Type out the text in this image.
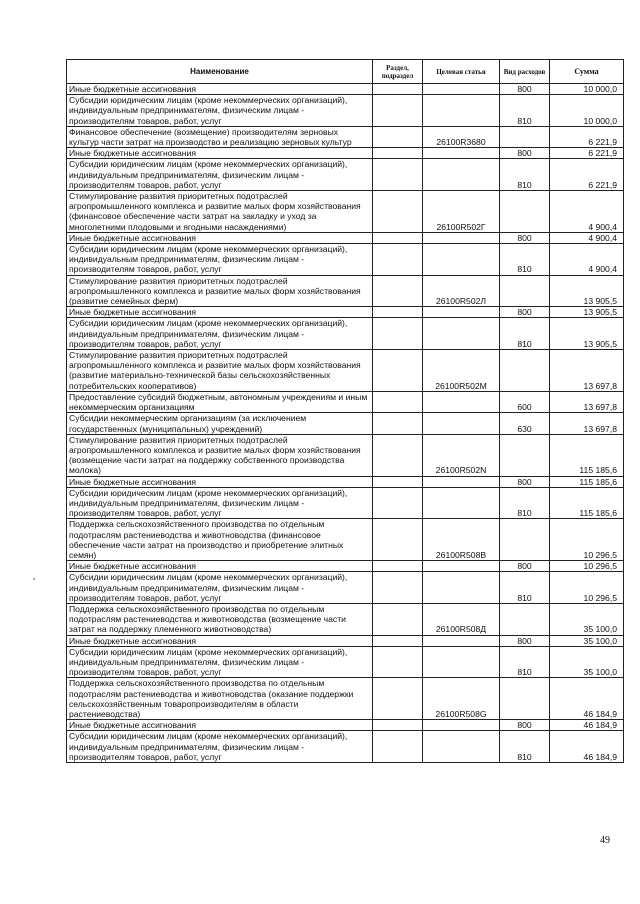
Наименование	Раздел, подраздел	Целевая статья	Вид расходов	Сумма
Иные бюджетные ассигнования			800	10 000,0
Субсидии юридическим лицам (кроме некоммерческих организаций), индивидуальным предпринимателям, физическим лицам - производителям товаров, работ, услуг			810	10 000,0
Финансовое обеспечение (возмещение) производителям зерновых культур части затрат на производство и реализацию зерновых культур		26100R3680		6 221,9
Иные бюджетные ассигнования			800	6 221,9
Субсидии юридическим лицам (кроме некоммерческих организаций), индивидуальным предпринимателям, физическим лицам - производителям товаров, работ, услуг			810	6 221,9
Стимулирование развития приоритетных подотраслей агропромышленного комплекса и развитие малых форм хозяйствования (финансовое обеспечение части затрат на закладку и уход за многолетними плодовыми и ягодными насаждениями)		26100R502Г		4 900,4
Иные бюджетные ассигнования			800	4 900,4
Субсидии юридическим лицам (кроме некоммерческих организаций), индивидуальным предпринимателям, физическим лицам - производителям товаров, работ, услуг			810	4 900,4
Стимулирование развития приоритетных подотраслей агропромышленного комплекса и развитие малых форм хозяйствования (развитие семейных ферм)		26100R502Л		13 905,5
Иные бюджетные ассигнования			800	13 905,5
Субсидии юридическим лицам (кроме некоммерческих организаций), индивидуальным предпринимателям, физическим лицам - производителям товаров, работ, услуг			810	13 905,5
Стимулирование развития приоритетных подотраслей агропромышленного комплекса и развитие малых форм хозяйствования (развитие материально-технической базы сельскохозяйственных потребительских кооперативов)		26100R502М		13 697,8
Предоставление субсидий бюджетным, автономным учреждениям и иным некоммерческим организациям			600	13 697,8
Субсидии некоммерческим организациям (за исключением государственных (муниципальных) учреждений)			630	13 697,8
Стимулирование развития приоритетных подотраслей агропромышленного комплекса и развитие малых форм хозяйствования (возмещение части затрат на поддержку собственного производства молока)		26100R502N		115 185,6
Иные бюджетные ассигнования			800	115 185,6
Субсидии юридическим лицам (кроме некоммерческих организаций), индивидуальным предпринимателям, физическим лицам - производителям товаров, работ, услуг			810	115 185,6
Поддержка сельскохозяйственного производства по отдельным подотраслям растениеводства и животноводства (финансовое обеспечение части затрат на производство и приобретение элитных семян)		26100R508B		10 296,5
Иные бюджетные ассигнования			800	10 296,5
Субсидии юридическим лицам (кроме некоммерческих организаций), индивидуальным предпринимателям, физическим лицам - производителям товаров, работ, услуг			810	10 296,5
Поддержка сельскохозяйственного производства по отдельным подотраслям растениеводства и животноводства (возмещение части затрат на поддержку племенного животноводства)		26100R508Д		35 100,0
Иные бюджетные ассигнования			800	35 100,0
Субсидии юридическим лицам (кроме некоммерческих организаций), индивидуальным предпринимателям, физическим лицам - производителям товаров, работ, услуг			810	35 100,0
Поддержка сельскохозяйственного производства по отдельным подотраслям растениеводства и животноводства (оказание поддержки сельскохозяйственным товаропроизводителям в области растениеводства)		26100R508G		46 184,9
Иные бюджетные ассигнования			800	46 184,9
Субсидии юридическим лицам (кроме некоммерческих организаций), индивидуальным предпринимателям, физическим лицам - производителям товаров, работ, услуг			810	46 184,9
49
